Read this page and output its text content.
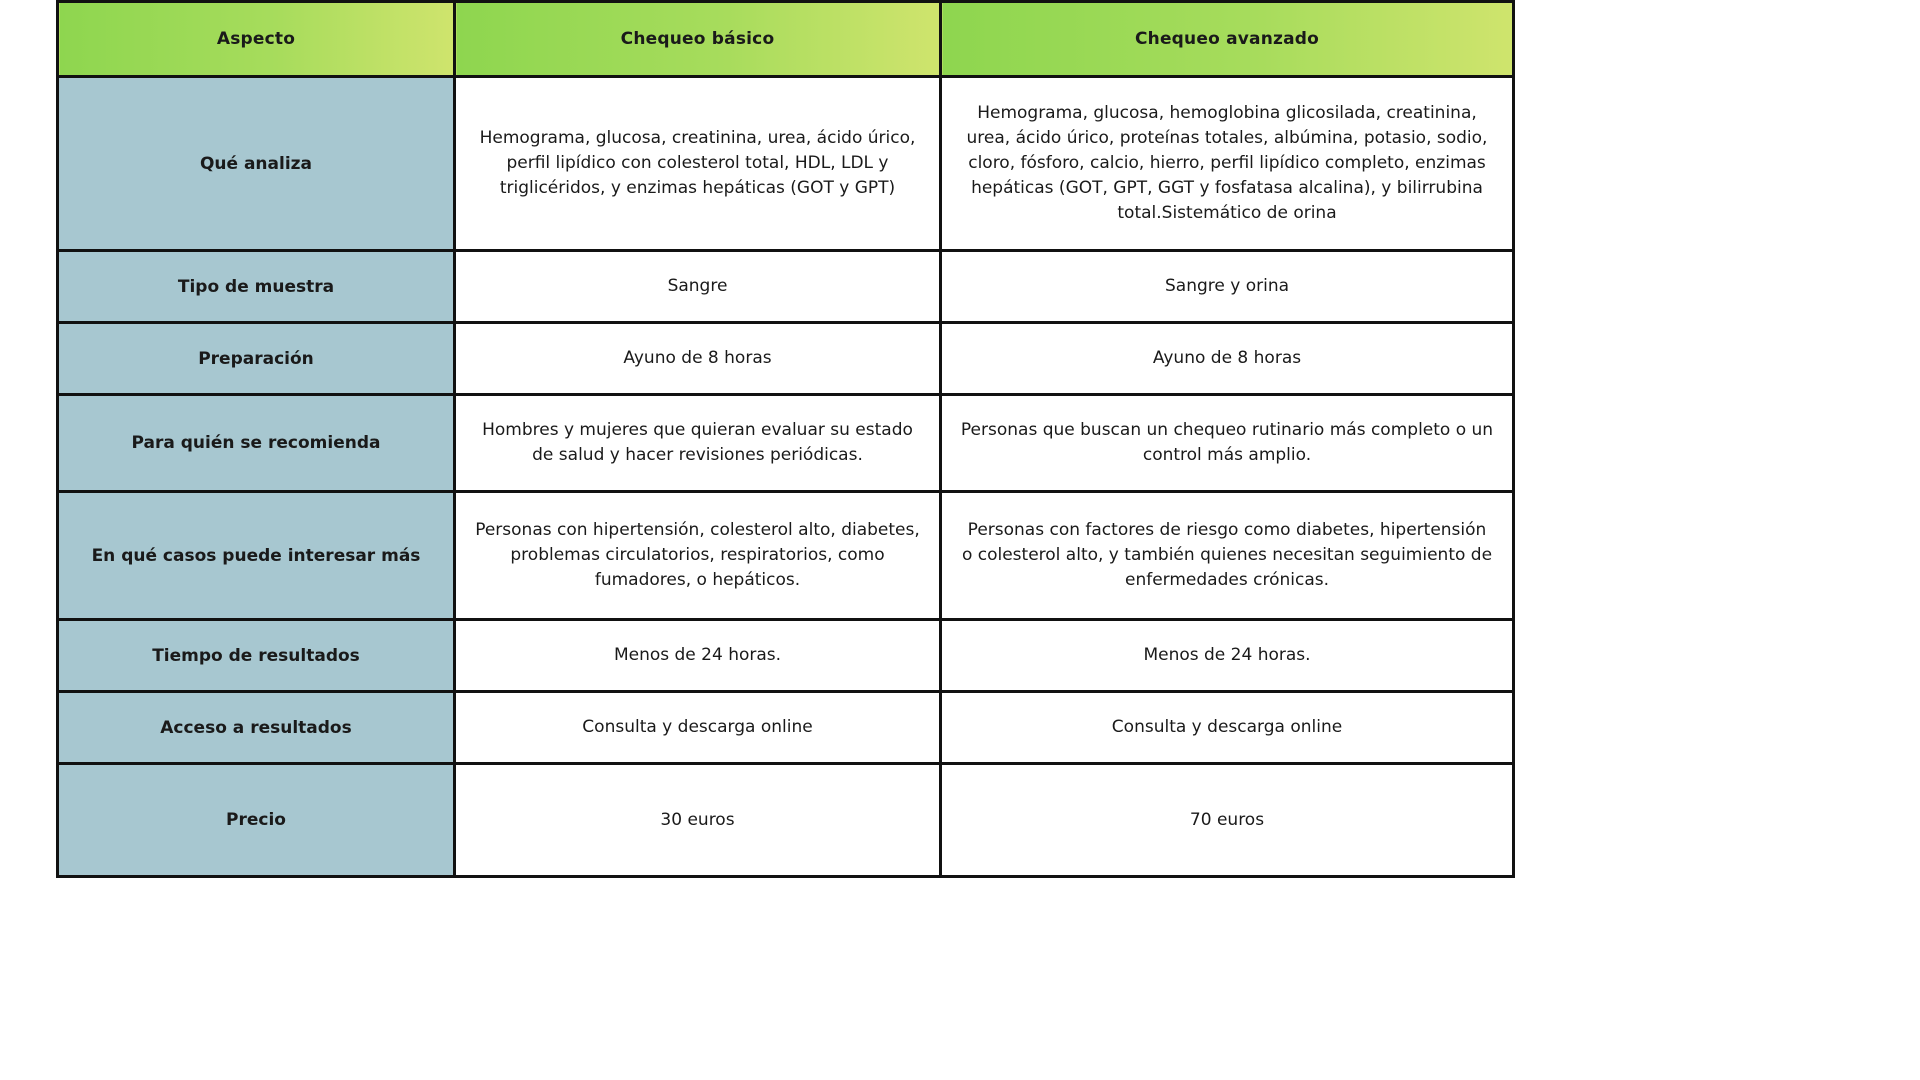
Aspecto	Chequeo básico	Chequeo avanzado
Qué analiza	Hemograma, glucosa, creatinina, urea, ácido úrico, perfil lipídico con colesterol total, HDL, LDL y triglicéridos, y enzimas hepáticas (GOT y GPT)	Hemograma, glucosa, hemoglobina glicosilada, creatinina, urea, ácido úrico, proteínas totales, albúmina, potasio, sodio, cloro, fósforo, calcio, hierro, perfil lipídico completo, enzimas hepáticas (GOT, GPT, GGT y fosfatasa alcalina), y bilirrubina total.Sistemático de orina
Tipo de muestra	Sangre	Sangre y orina
Preparación	Ayuno de 8 horas	Ayuno de 8 horas
Para quién se recomienda	Hombres y mujeres que quieran evaluar su estado de salud y hacer revisiones periódicas.	Personas que buscan un chequeo rutinario más completo o un control más amplio.
En qué casos puede interesar más	Personas con hipertensión, colesterol alto, diabetes, problemas circulatorios, respiratorios, como fumadores, o hepáticos.	Personas con factores de riesgo como diabetes, hipertensión o colesterol alto, y también quienes necesitan seguimiento de enfermedades crónicas.
Tiempo de resultados	Menos de 24 horas.	Menos de 24 horas.
Acceso a resultados	Consulta y descarga online	Consulta y descarga online
Precio	30 euros	70 euros
